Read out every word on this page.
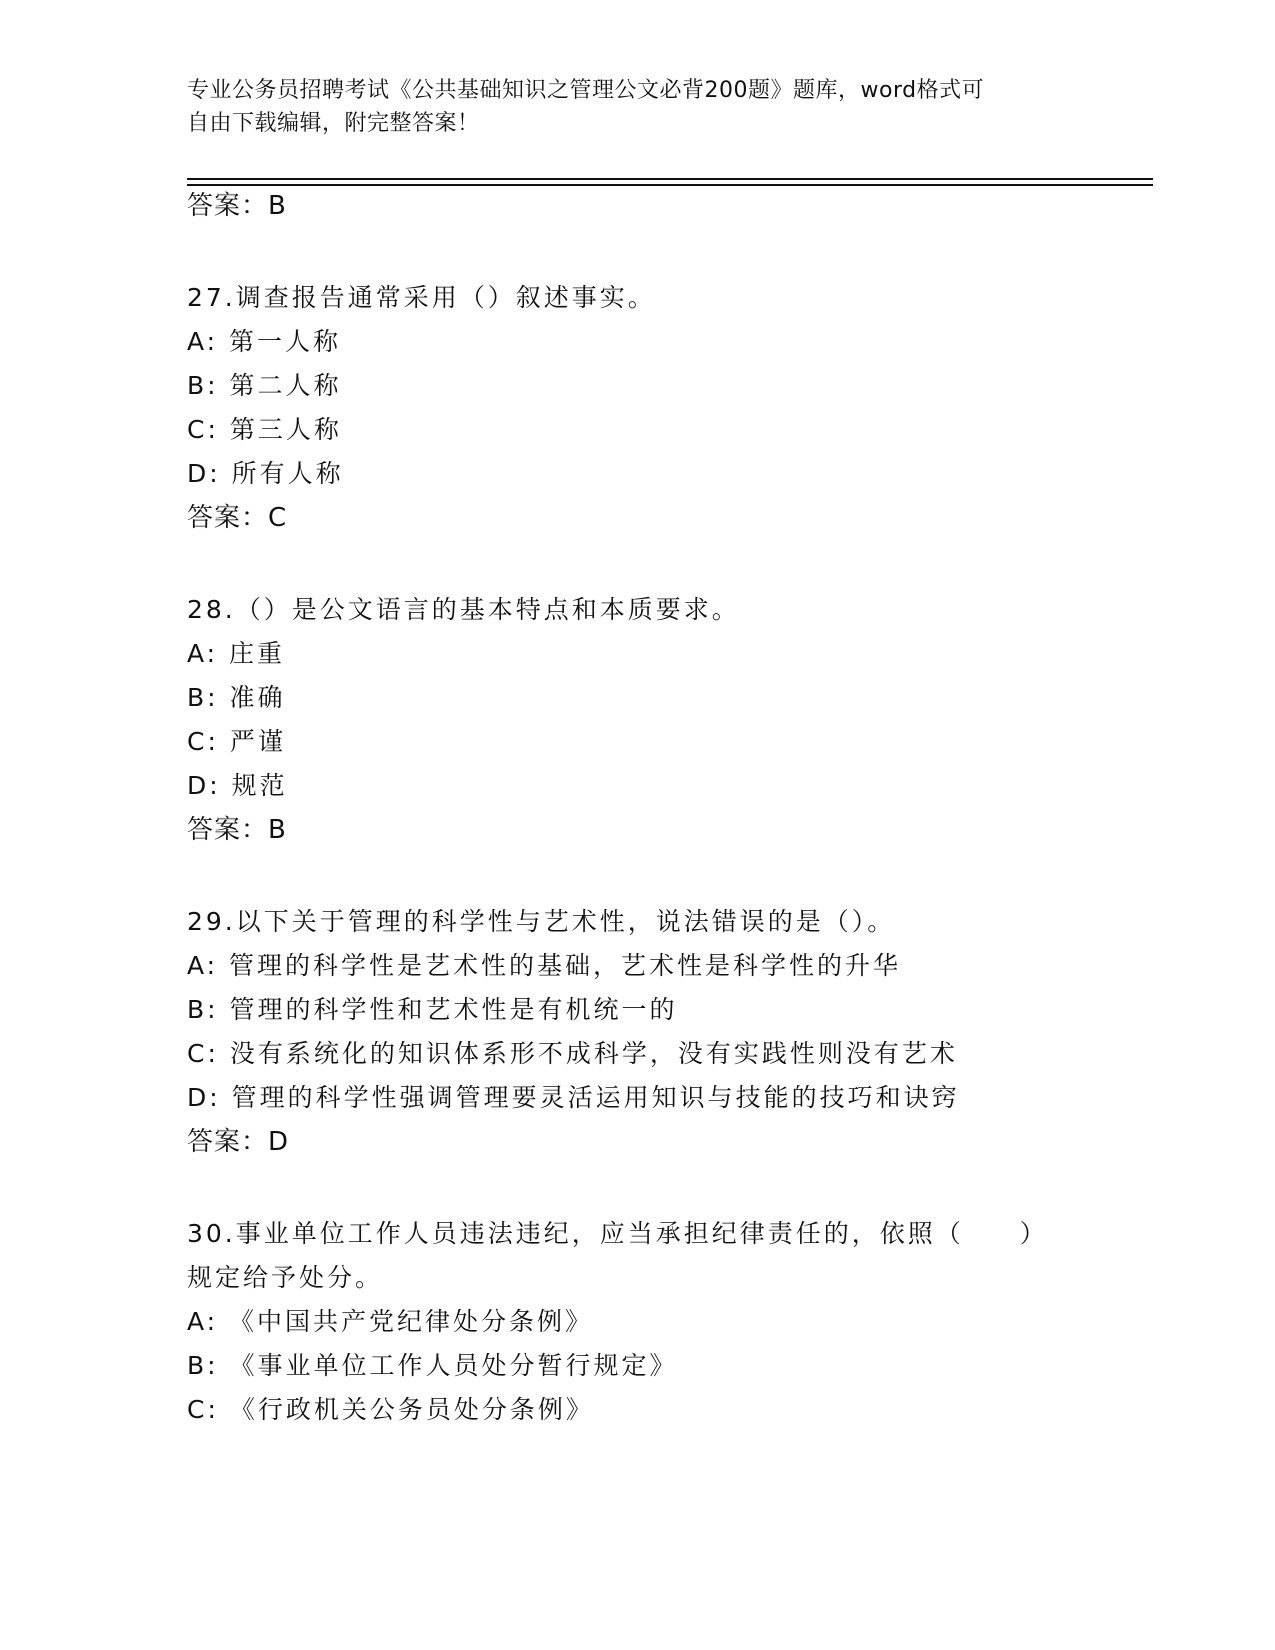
专业公务员招聘考试《公共基础知识之管理公文必背200题》题库，word格式可
自由下载编辑，附完整答案！
答案：B
27.调查报告通常采用（）叙述事实。
A: 第一人称
B: 第二人称
C: 第三人称
D: 所有人称
答案：C
28.（）是公文语言的基本特点和本质要求。
A: 庄重
B: 准确
C: 严谨
D: 规范
答案：B
29.以下关于管理的科学性与艺术性，说法错误的是（）。
A: 管理的科学性是艺术性的基础，艺术性是科学性的升华
B: 管理的科学性和艺术性是有机统一的
C: 没有系统化的知识体系形不成科学，没有实践性则没有艺术
D: 管理的科学性强调管理要灵活运用知识与技能的技巧和诀窍
答案：D
30.事业单位工作人员违法违纪，应当承担纪律责任的，依照（　　）
规定给予处分。
A: 《中国共产党纪律处分条例》
B: 《事业单位工作人员处分暂行规定》
C: 《行政机关公务员处分条例》
